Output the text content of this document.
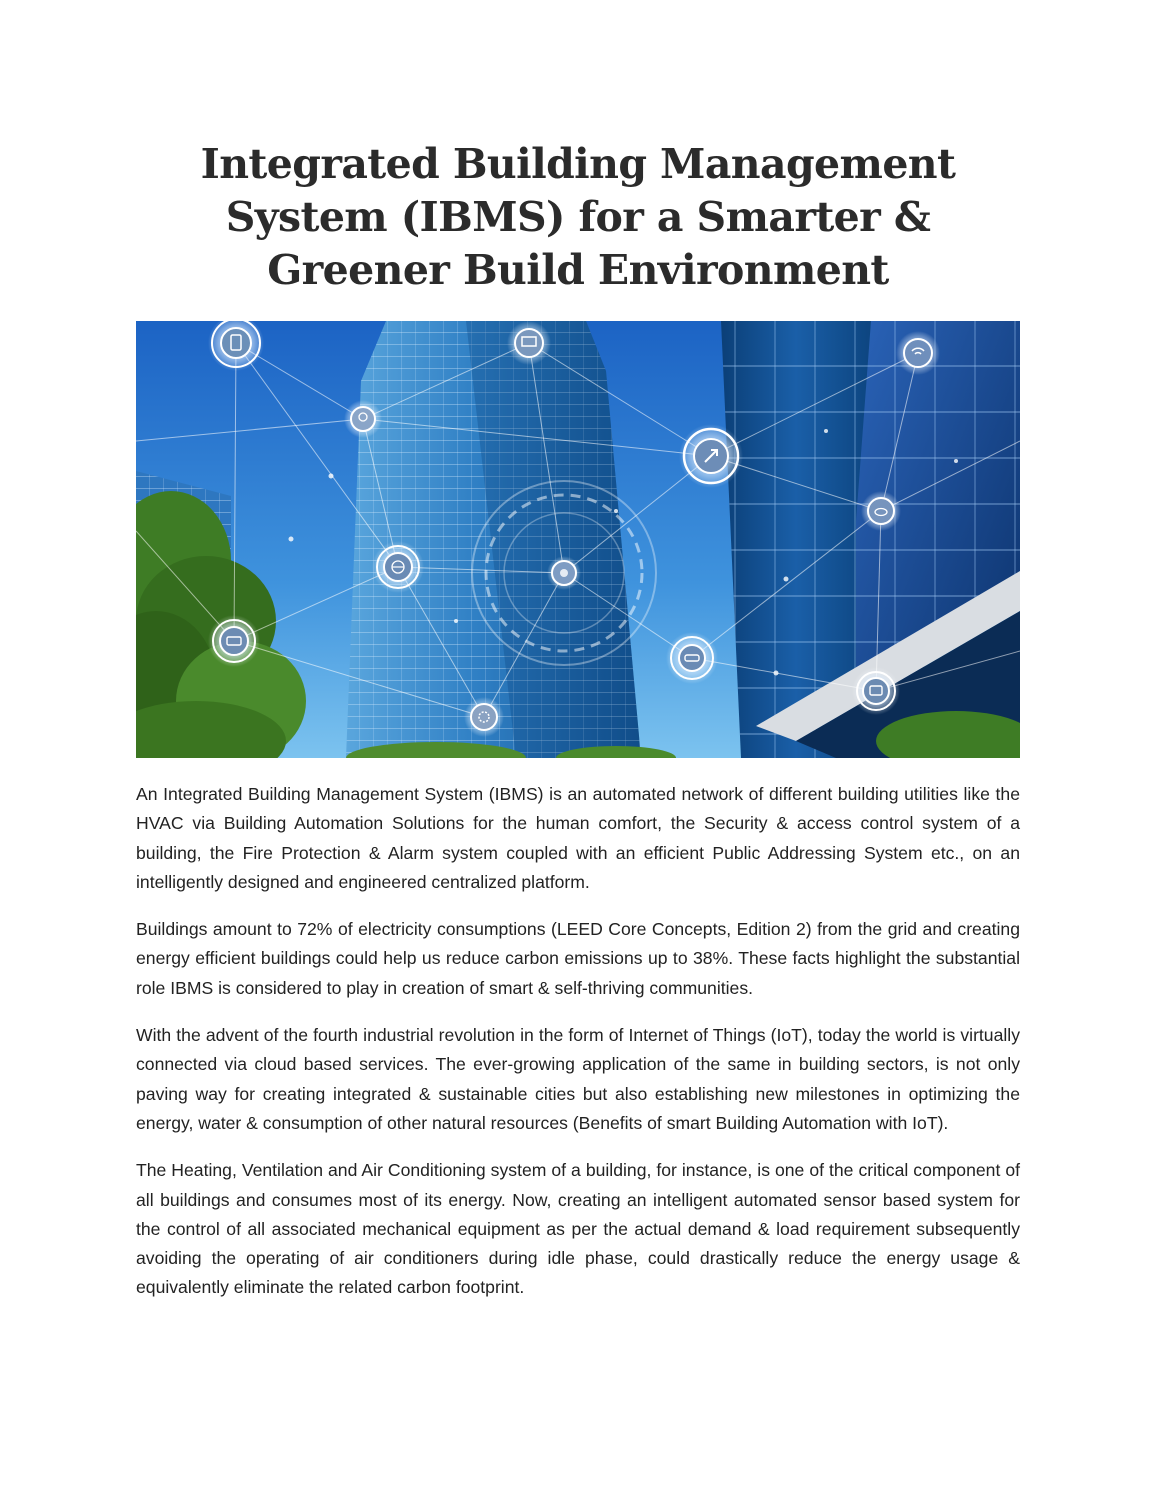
Integrated Building Management System (IBMS) for a Smarter & Greener Build Environment

An Integrated Building Management System (IBMS) is an automated network of different building utilities like the HVAC via Building Automation Solutions for the human comfort, the Security & access control system of a building, the Fire Protection & Alarm system coupled with an efficient Public Addressing System etc., on an intelligently designed and engineered centralized platform.

Buildings amount to 72% of electricity consumptions (LEED Core Concepts, Edition 2) from the grid and creating energy efficient buildings could help us reduce carbon emissions up to 38%. These facts highlight the substantial role IBMS is considered to play in creation of smart & self-thriving communities.

With the advent of the fourth industrial revolution in the form of Internet of Things (IoT), today the world is virtually connected via cloud based services. The ever-growing application of the same in building sectors, is not only paving way for creating integrated & sustainable cities but also establishing new milestones in optimizing the energy, water & consumption of other natural resources (Benefits of smart Building Automation with IoT).

The Heating, Ventilation and Air Conditioning system of a building, for instance, is one of the critical component of all buildings and consumes most of its energy. Now, creating an intelligent automated sensor based system for the control of all associated mechanical equipment as per the actual demand & load requirement subsequently avoiding the operating of air conditioners during idle phase, could drastically reduce the energy usage & equivalently eliminate the related carbon footprint.
